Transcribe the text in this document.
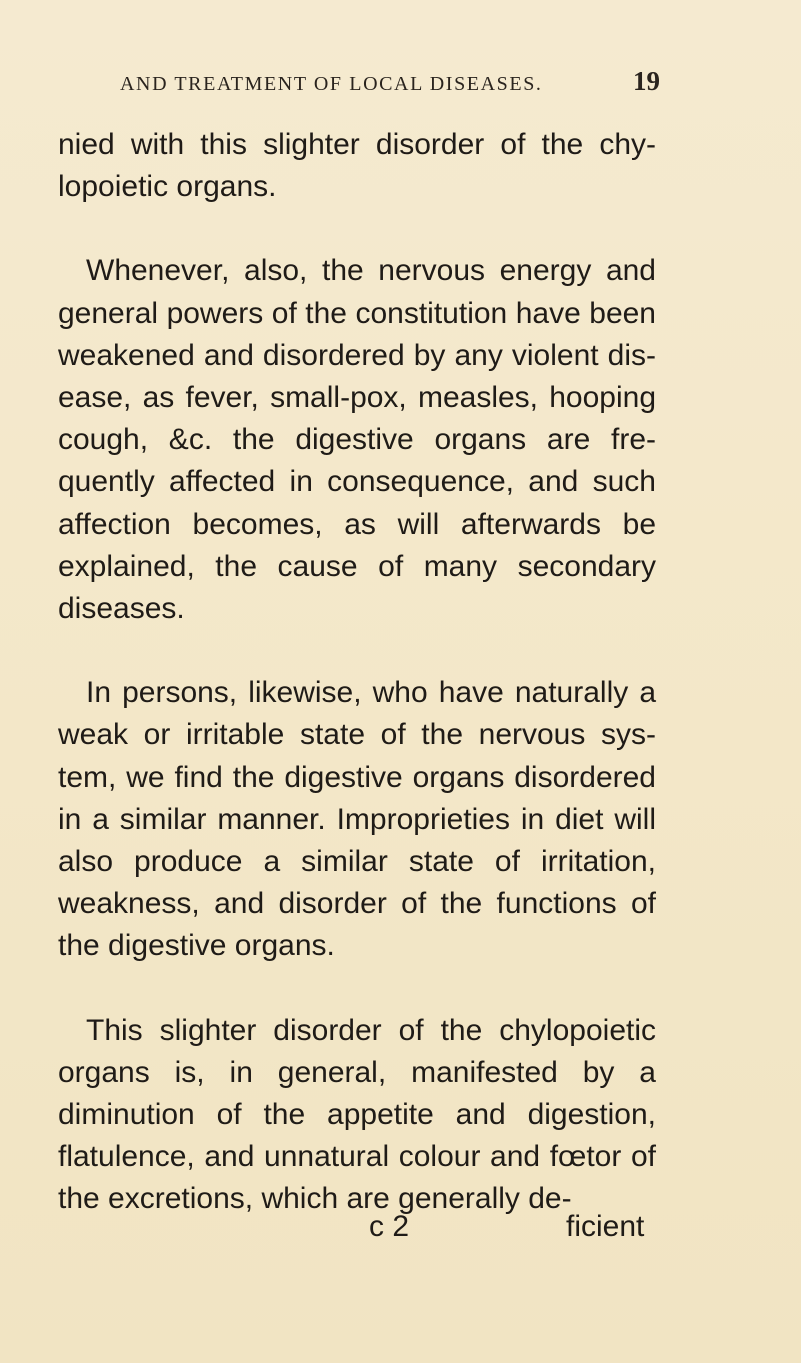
AND TREATMENT OF LOCAL DISEASES.	19

nied with this slighter disorder of the chy-lopoietic organs.

Whenever, also, the nervous energy and general powers of the constitution have been weakened and disordered by any violent dis-ease, as fever, small-pox, measles, hooping cough, &c. the digestive organs are fre-quently affected in consequence, and such affection becomes, as will afterwards be explained, the cause of many secondary diseases.

In persons, likewise, who have naturally a weak or irritable state of the nervous sys-tem, we find the digestive organs disordered in a similar manner. Improprieties in diet will also produce a similar state of irritation, weakness, and disorder of the functions of the digestive organs.

This slighter disorder of the chylopoietic organs is, in general, manifested by a diminution of the appetite and digestion, flatulence, and unnatural colour and fœtor of the excretions, which are generally de-

c 2	ficient
